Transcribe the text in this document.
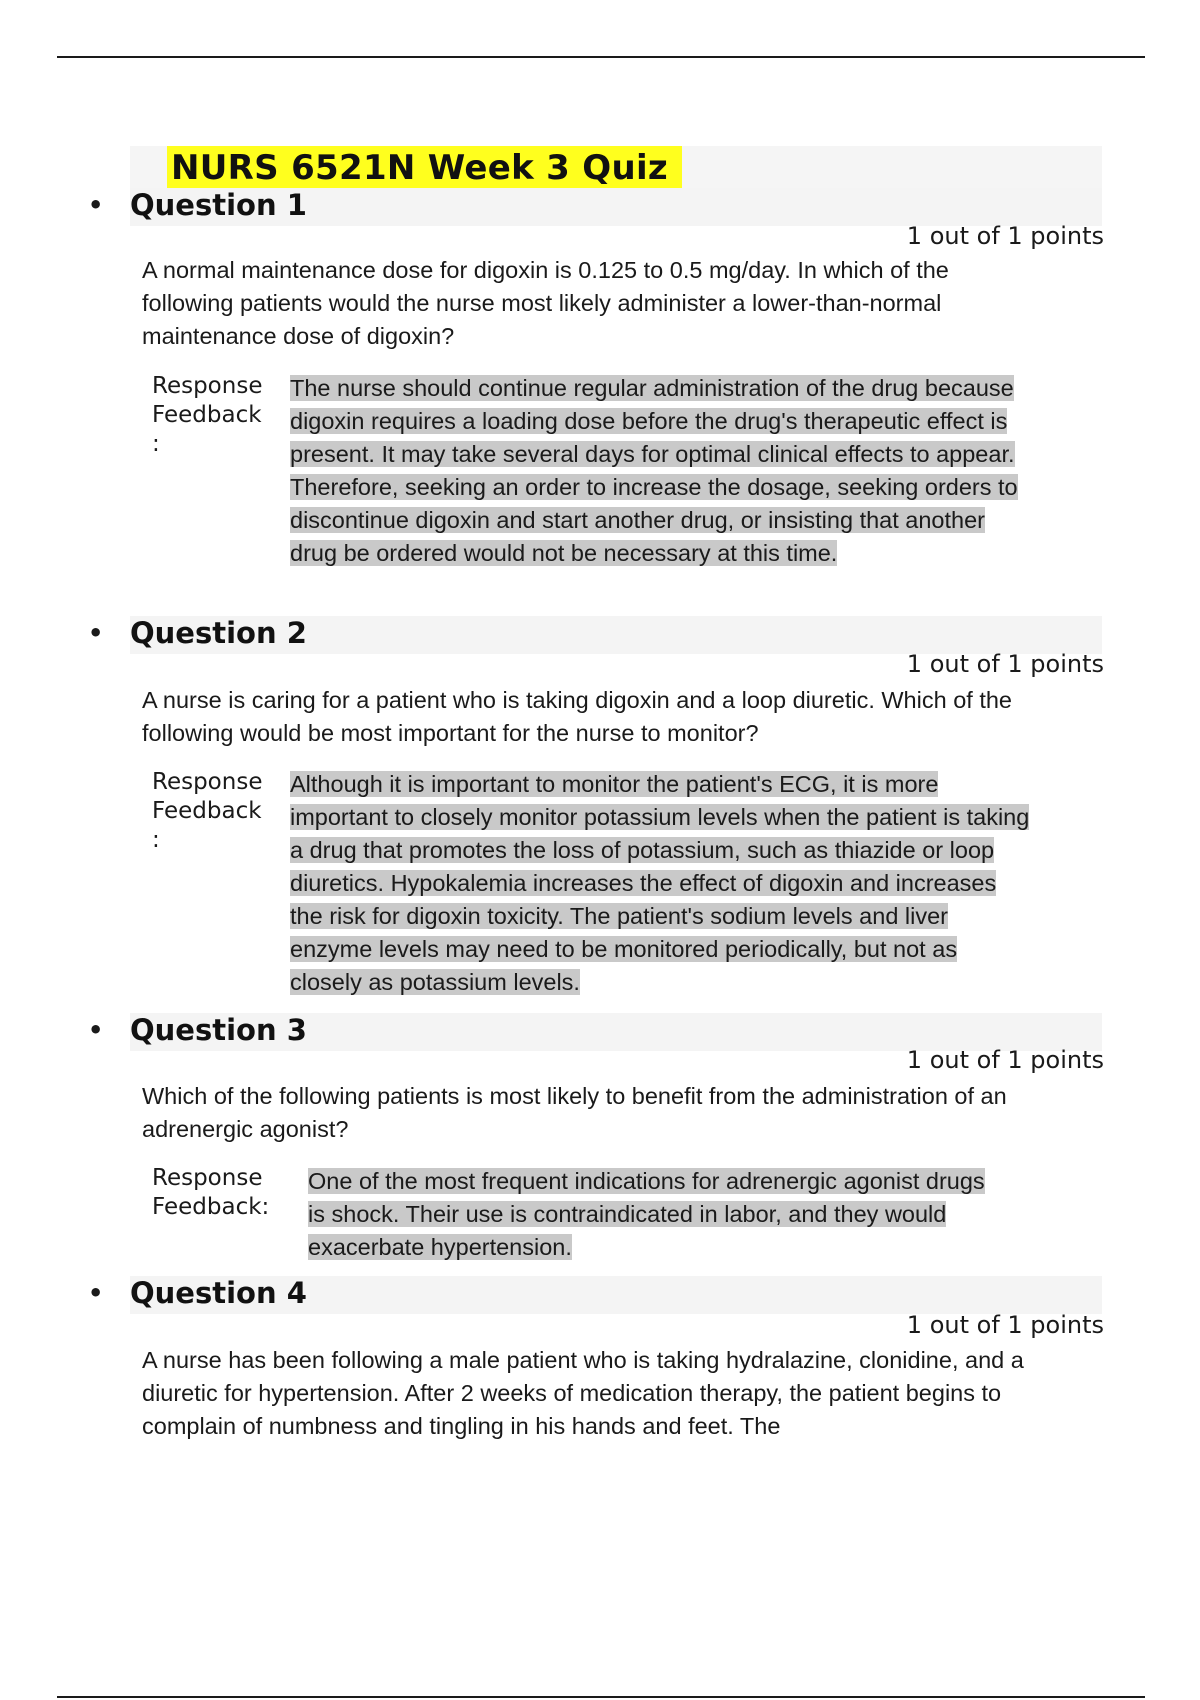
NURS 6521N Week 3 Quiz
• Question 1
1 out of 1 points
A normal maintenance dose for digoxin is 0.125 to 0.5 mg/day. In which of the following patients would the nurse most likely administer a lower-than-normal maintenance dose of digoxin?
Response Feedback :
The nurse should continue regular administration of the drug because digoxin requires a loading dose before the drug's therapeutic effect is present. It may take several days for optimal clinical effects to appear. Therefore, seeking an order to increase the dosage, seeking orders to discontinue digoxin and start another drug, or insisting that another drug be ordered would not be necessary at this time.
• Question 2
1 out of 1 points
A nurse is caring for a patient who is taking digoxin and a loop diuretic. Which of the following would be most important for the nurse to monitor?
Response Feedback :
Although it is important to monitor the patient's ECG, it is more important to closely monitor potassium levels when the patient is taking a drug that promotes the loss of potassium, such as thiazide or loop diuretics. Hypokalemia increases the effect of digoxin and increases the risk for digoxin toxicity. The patient's sodium levels and liver enzyme levels may need to be monitored periodically, but not as closely as potassium levels.
• Question 3
1 out of 1 points
Which of the following patients is most likely to benefit from the administration of an adrenergic agonist?
Response Feedback:
One of the most frequent indications for adrenergic agonist drugs is shock. Their use is contraindicated in labor, and they would exacerbate hypertension.
• Question 4
1 out of 1 points
A nurse has been following a male patient who is taking hydralazine, clonidine, and a diuretic for hypertension. After 2 weeks of medication therapy, the patient begins to complain of numbness and tingling in his hands and feet. The
